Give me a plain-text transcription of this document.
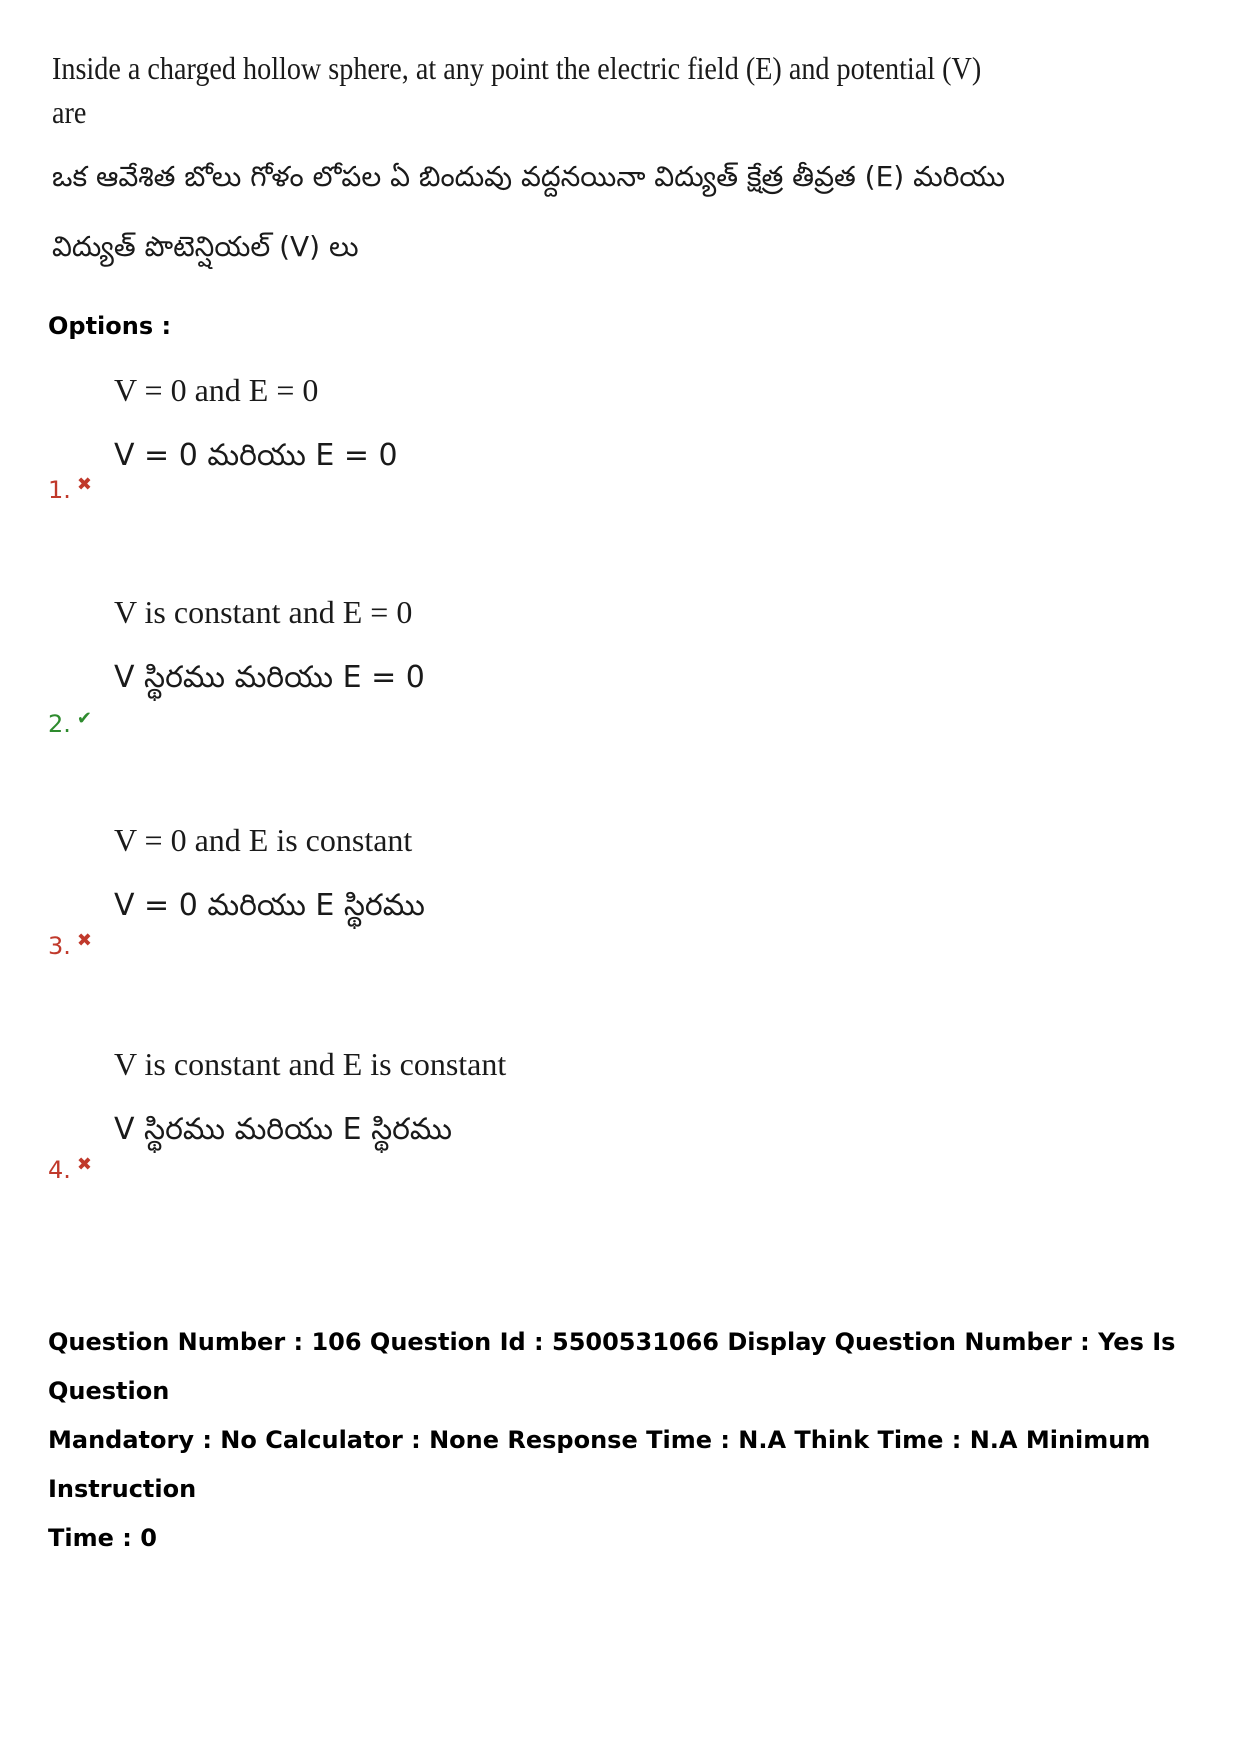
Inside a charged hollow sphere, at any point the electric field (E) and potential (V)
are
ఒక ఆవేశిత బోలు గోళం లోపల ఏ బిందువు వద్దనయినా విద్యుత్ క్షేత్ర తీవ్రత (E) మరియు
విద్యుత్ పొటెన్షియల్ (V) లు
Options :
V = 0 and E = 0
V = 0 మరియు E = 0
1. ✖
V is constant and E = 0
V స్థిరము మరియు E = 0
2. ✔
V = 0 and E is constant
V = 0 మరియు E స్థిరము
3. ✖
V is constant and E is constant
V స్థిరము మరియు E స్థిరము
4. ✖
Question Number : 106 Question Id : 5500531066 Display Question Number : Yes Is Question
Mandatory : No Calculator : None Response Time : N.A Think Time : N.A Minimum Instruction
Time : 0
